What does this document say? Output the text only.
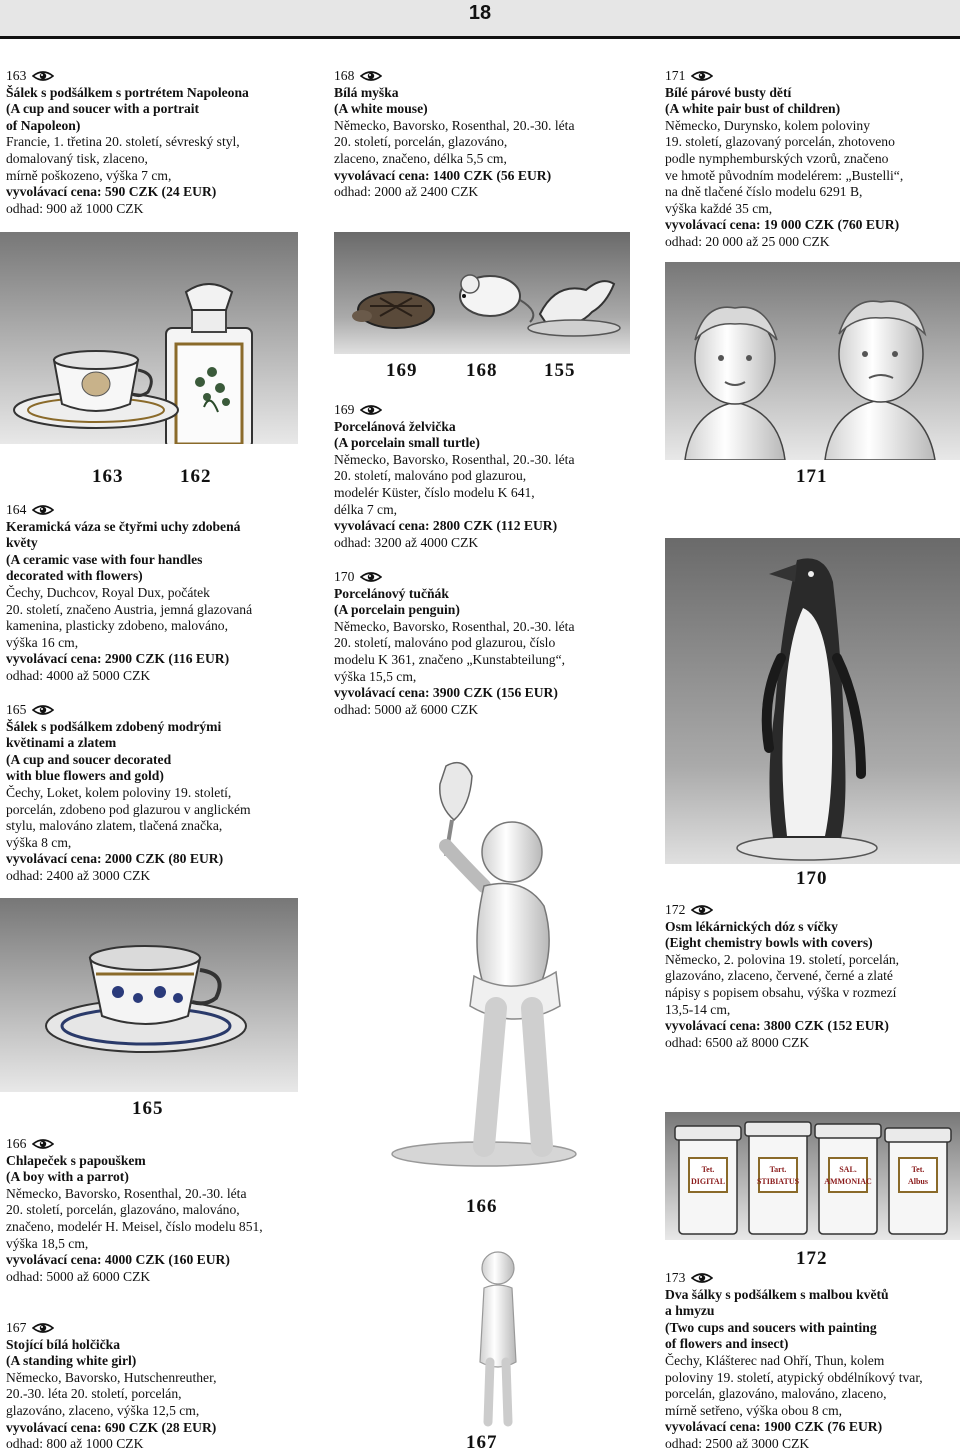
18
163
Šálek s podšálkem s portrétem Napoleona
(A cup and soucer with a portrait
of Napoleon)
Francie, 1. třetina 20. století, sévreský styl,
domalovaný tisk, zlaceno,
mírně poškozeno, výška 7 cm,
vyvolávací cena: 590 CZK (24 EUR)
odhad: 900 až 1000 CZK
168
Bílá myška
(A white mouse)
Německo, Bavorsko, Rosenthal, 20.-30. léta
20. století, porcelán, glazováno,
zlaceno, značeno, délka 5,5 cm,
vyvolávací cena: 1400 CZK (56 EUR)
odhad: 2000 až 2400 CZK
171
Bílé párové busty dětí
(A white pair bust of children)
Německo, Durynsko, kolem poloviny
19. století, glazovaný porcelán, zhotoveno
podle nymphemburských vzorů, značeno
ve hmotě původním modelérem: „Bustelli“,
na dně tlačené číslo modelu 6291 B,
výška každé 35 cm,
vyvolávací cena: 19 000 CZK (760 EUR)
odhad: 20 000 až 25 000 CZK
163	162
169	168 155
171
169
Porcelánová želvička
(A porcelain small turtle)
Německo, Bavorsko, Rosenthal, 20.-30. léta
20. století, malováno pod glazurou,
modelér Küster, číslo modelu K 641,
délka 7 cm,
vyvolávací cena: 2800 CZK (112 EUR)
odhad: 3200 až 4000 CZK
170
Porcelánový tučňák
(A porcelain penguin)
Německo, Bavorsko, Rosenthal, 20.-30. léta
20. století, malováno pod glazurou, číslo
modelu K 361, značeno „Kunstabteilung“,
výška 15,5 cm,
vyvolávací cena: 3900 CZK (156 EUR)
odhad: 5000 až 6000 CZK
164
Keramická váza se čtyřmi uchy zdobená
květy
(A ceramic vase with four handles
decorated with flowers)
Čechy, Duchcov, Royal Dux, počátek
20. století, značeno Austria, jemná glazovaná
kamenina, plasticky zdobeno, malováno,
výška 16 cm,
vyvolávací cena: 2900 CZK (116 EUR)
odhad: 4000 až 5000 CZK
165
Šálek s podšálkem zdobený modrými
květinami a zlatem
(A cup and soucer decorated
with blue flowers and gold)
Čechy, Loket, kolem poloviny 19. století,
porcelán, zdobeno pod glazurou v anglickém
stylu, malováno zlatem, tlačená značka,
výška 8 cm,
vyvolávací cena: 2000 CZK (80 EUR)
odhad: 2400 až 3000 CZK
165
170
172
Osm lékárnických dóz s víčky
(Eight chemistry bowls with covers)
Německo, 2. polovina 19. století, porcelán,
glazováno, zlaceno, červené, černé a zlaté
nápisy s popisem obsahu, výška v rozmezí
13,5-14 cm,
vyvolávací cena: 3800 CZK (152 EUR)
odhad: 6500 až 8000 CZK
166
Chlapeček s papouškem
(A boy with a parrot)
Německo, Bavorsko, Rosenthal, 20.-30. léta
20. století, porcelán, glazováno, malováno,
značeno, modelér H. Meisel, číslo modelu 851,
výška 18,5 cm,
vyvolávací cena: 4000 CZK (160 EUR)
odhad: 5000 až 6000 CZK
167
Stojící bílá holčička
(A standing white girl)
Německo, Bavorsko, Hutschenreuther,
20.-30. léta 20. století, porcelán,
glazováno, zlaceno, výška 12,5 cm,
vyvolávací cena: 690 CZK (28 EUR)
odhad: 800 až 1000 CZK
166
167
Tet.
DIGITAL
Tart.
STIBIATUS
SAL.
AMMONIAC
Tet.
Albus
172
173
Dva šálky s podšálkem s malbou květů
a hmyzu
(Two cups and soucers with painting
of flowers and insect)
Čechy, Klášterec nad Ohří, Thun, kolem
poloviny 19. století, atypický obdélníkový tvar,
porcelán, glazováno, malováno, zlaceno,
mírně setřeno, výška obou 8 cm,
vyvolávací cena: 1900 CZK (76 EUR)
odhad: 2500 až 3000 CZK
